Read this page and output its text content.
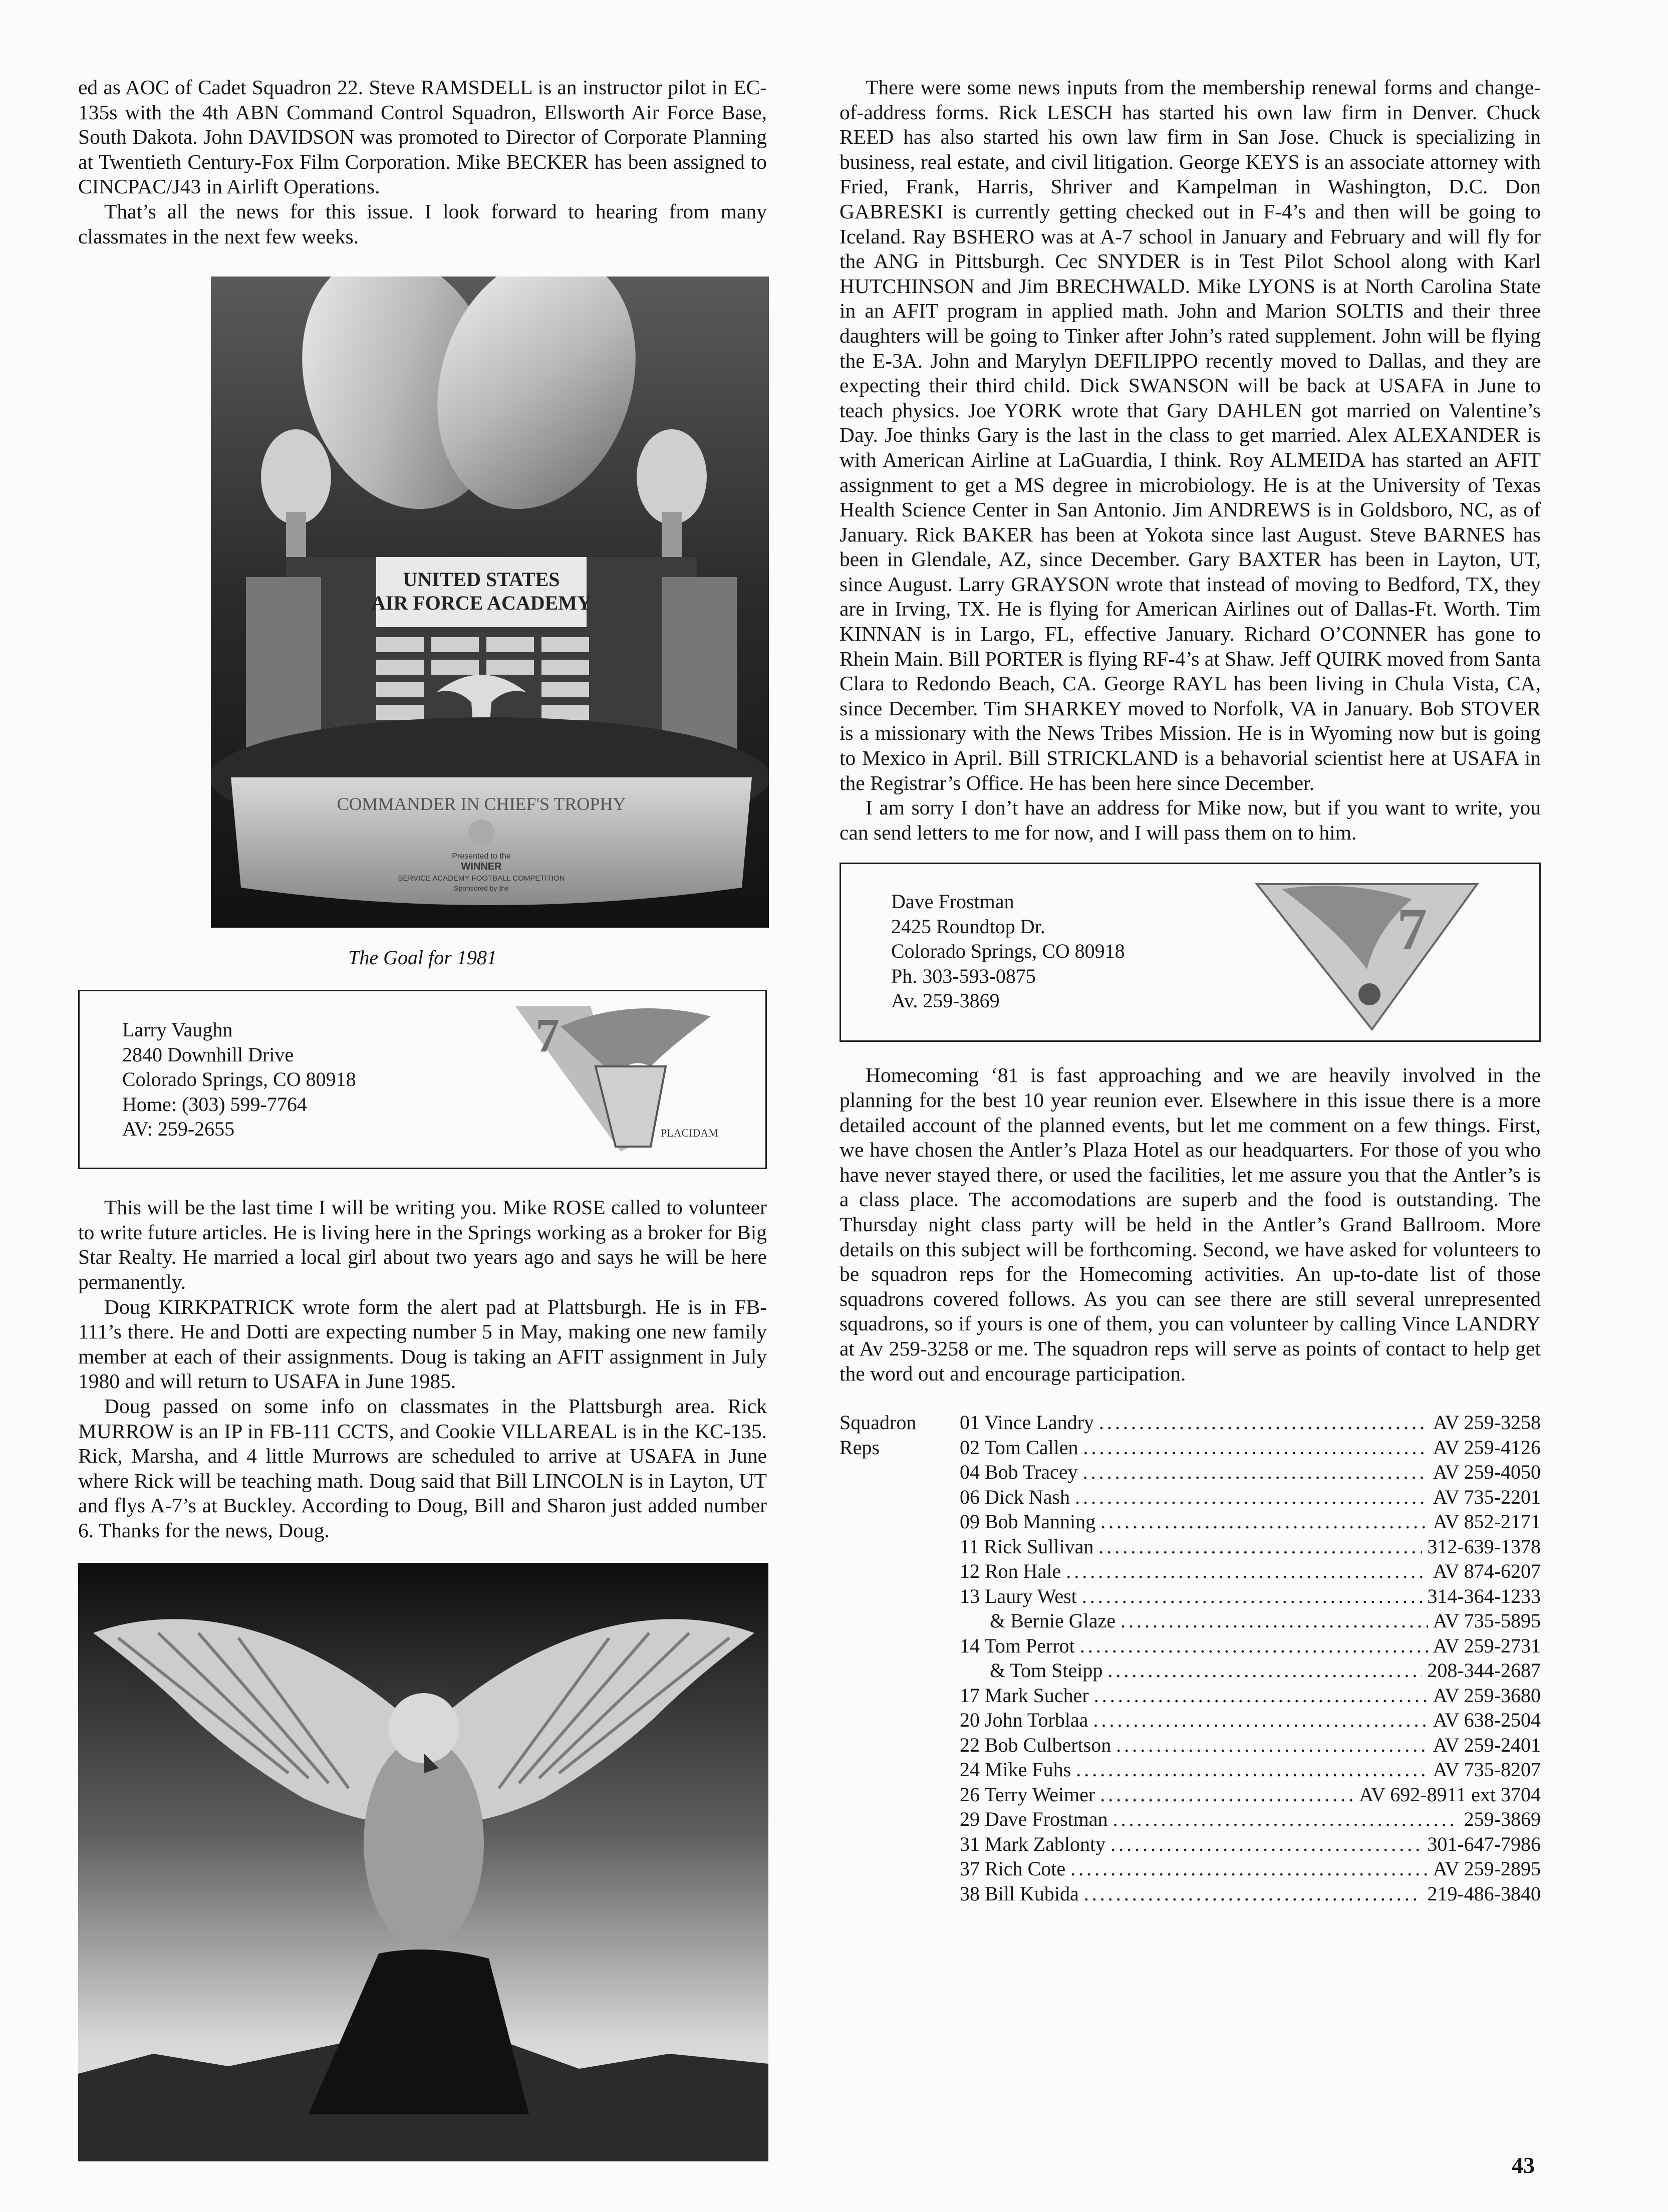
ed as AOC of Cadet Squadron 22. Steve RAMSDELL is an instructor pilot in EC-135s with the 4th ABN Command Control Squadron, Ellsworth Air Force Base, South Dakota. John DAVIDSON was promoted to Director of Corporate Planning at Twentieth Century-Fox Film Corporation. Mike BECKER has been assigned to CINCPAC/J43 in Airlift Operations.

That’s all the news for this issue. I look forward to hearing from many classmates in the next few weeks.

UNITED STATES
AIR FORCE ACADEMY
COMMANDER IN CHIEF'S TROPHY
Presented to the
WINNER
SERVICE ACADEMY FOOTBALL COMPETITION
Sponsored by the
The Goal for 1981
Larry Vaughn
2840 Downhill Drive
Colorado Springs, CO 80918
Home: (303) 599-7764
AV: 259-2655
7
PLACIDAM

This will be the last time I will be writing you. Mike ROSE called to volunteer to write future articles. He is living here in the Springs working as a broker for Big Star Realty. He married a local girl about two years ago and says he will be here permanently.

Doug KIRKPATRICK wrote form the alert pad at Plattsburgh. He is in FB-111’s there. He and Dotti are expecting number 5 in May, making one new family member at each of their assignments. Doug is taking an AFIT assignment in July 1980 and will return to USAFA in June 1985.

Doug passed on some info on classmates in the Plattsburgh area. Rick MURROW is an IP in FB-111 CCTS, and Cookie VILLAREAL is in the KC-135. Rick, Marsha, and 4 little Murrows are scheduled to arrive at USAFA in June where Rick will be teaching math. Doug said that Bill LINCOLN is in Layton, UT and flys A-7’s at Buckley. According to Doug, Bill and Sharon just added number 6. Thanks for the news, Doug.

There were some news inputs from the membership renewal forms and change-of-address forms. Rick LESCH has started his own law firm in Denver. Chuck REED has also started his own law firm in San Jose. Chuck is specializing in business, real estate, and civil litigation. George KEYS is an associate attorney with Fried, Frank, Harris, Shriver and Kampelman in Washington, D.C. Don GABRESKI is currently getting checked out in F-4’s and then will be going to Iceland. Ray BSHERO was at A-7 school in January and February and will fly for the ANG in Pittsburgh. Cec SNYDER is in Test Pilot School along with Karl HUTCHINSON and Jim BRECHWALD. Mike LYONS is at North Carolina State in an AFIT program in applied math. John and Marion SOLTIS and their three daughters will be going to Tinker after John’s rated supplement. John will be flying the E-3A. John and Marylyn DEFILIPPO recently moved to Dallas, and they are expecting their third child. Dick SWANSON will be back at USAFA in June to teach physics. Joe YORK wrote that Gary DAHLEN got married on Valentine’s Day. Joe thinks Gary is the last in the class to get married. Alex ALEXANDER is with American Airline at LaGuardia, I think. Roy ALMEIDA has started an AFIT assignment to get a MS degree in microbiology. He is at the University of Texas Health Science Center in San Antonio. Jim ANDREWS is in Goldsboro, NC, as of January. Rick BAKER has been at Yokota since last August. Steve BARNES has been in Glendale, AZ, since December. Gary BAXTER has been in Layton, UT, since August. Larry GRAYSON wrote that instead of moving to Bedford, TX, they are in Irving, TX. He is flying for American Airlines out of Dallas-Ft. Worth. Tim KINNAN is in Largo, FL, effective January. Richard O’CONNER has gone to Rhein Main. Bill PORTER is flying RF-4’s at Shaw. Jeff QUIRK moved from Santa Clara to Redondo Beach, CA. George RAYL has been living in Chula Vista, CA, since December. Tim SHARKEY moved to Norfolk, VA in January. Bob STOVER is a missionary with the News Tribes Mission. He is in Wyoming now but is going to Mexico in April. Bill STRICKLAND is a behavorial scientist here at USAFA in the Registrar’s Office. He has been here since December.

I am sorry I don’t have an address for Mike now, but if you want to write, you can send letters to me for now, and I will pass them on to him.

Dave Frostman
2425 Roundtop Dr.
Colorado Springs, CO 80918
Ph. 303-593-0875
Av. 259-3869
7

Homecoming ‘81 is fast approaching and we are heavily involved in the planning for the best 10 year reunion ever. Elsewhere in this issue there is a more detailed account of the planned events, but let me comment on a few things. First, we have chosen the Antler’s Plaza Hotel as our headquarters. For those of you who have never stayed there, or used the facilities, let me assure you that the Antler’s is a class place. The accomodations are superb and the food is outstanding. The Thursday night class party will be held in the Antler’s Grand Ballroom. More details on this subject will be forthcoming. Second, we have asked for volunteers to be squadron reps for the Homecoming activities. An up-to-date list of those squadrons covered follows. As you can see there are still several unrepresented squadrons, so if yours is one of them, you can volunteer by calling Vince LANDRY at Av 259-3258 or me. The squadron reps will serve as points of contact to help get the word out and encourage participation.

Squadron
Reps
01 Vince Landry .....	AV 259-3258
02 Tom Callen .....	AV 259-4126
04 Bob Tracey .....	AV 259-4050
06 Dick Nash .....	AV 735-2201
09 Bob Manning .....	AV 852-2171
11 Rick Sullivan .....	312-639-1378
12 Ron Hale .....	AV 874-6207
13 Laury West .....	314-364-1233
& Bernie Glaze .....	AV 735-5895
14 Tom Perrot .....	AV 259-2731
& Tom Steipp .....	208-344-2687
17 Mark Sucher .....	AV 259-3680
20 John Torblaa .....	AV 638-2504
22 Bob Culbertson .....	AV 259-2401
24 Mike Fuhs .....	AV 735-8207
26 Terry Weimer .....	AV 692-8911 ext 3704
29 Dave Frostman .....	259-3869
31 Mark Zablonty .....	301-647-7986
37 Rich Cote .....	AV 259-2895
38 Bill Kubida .....	219-486-3840
43
